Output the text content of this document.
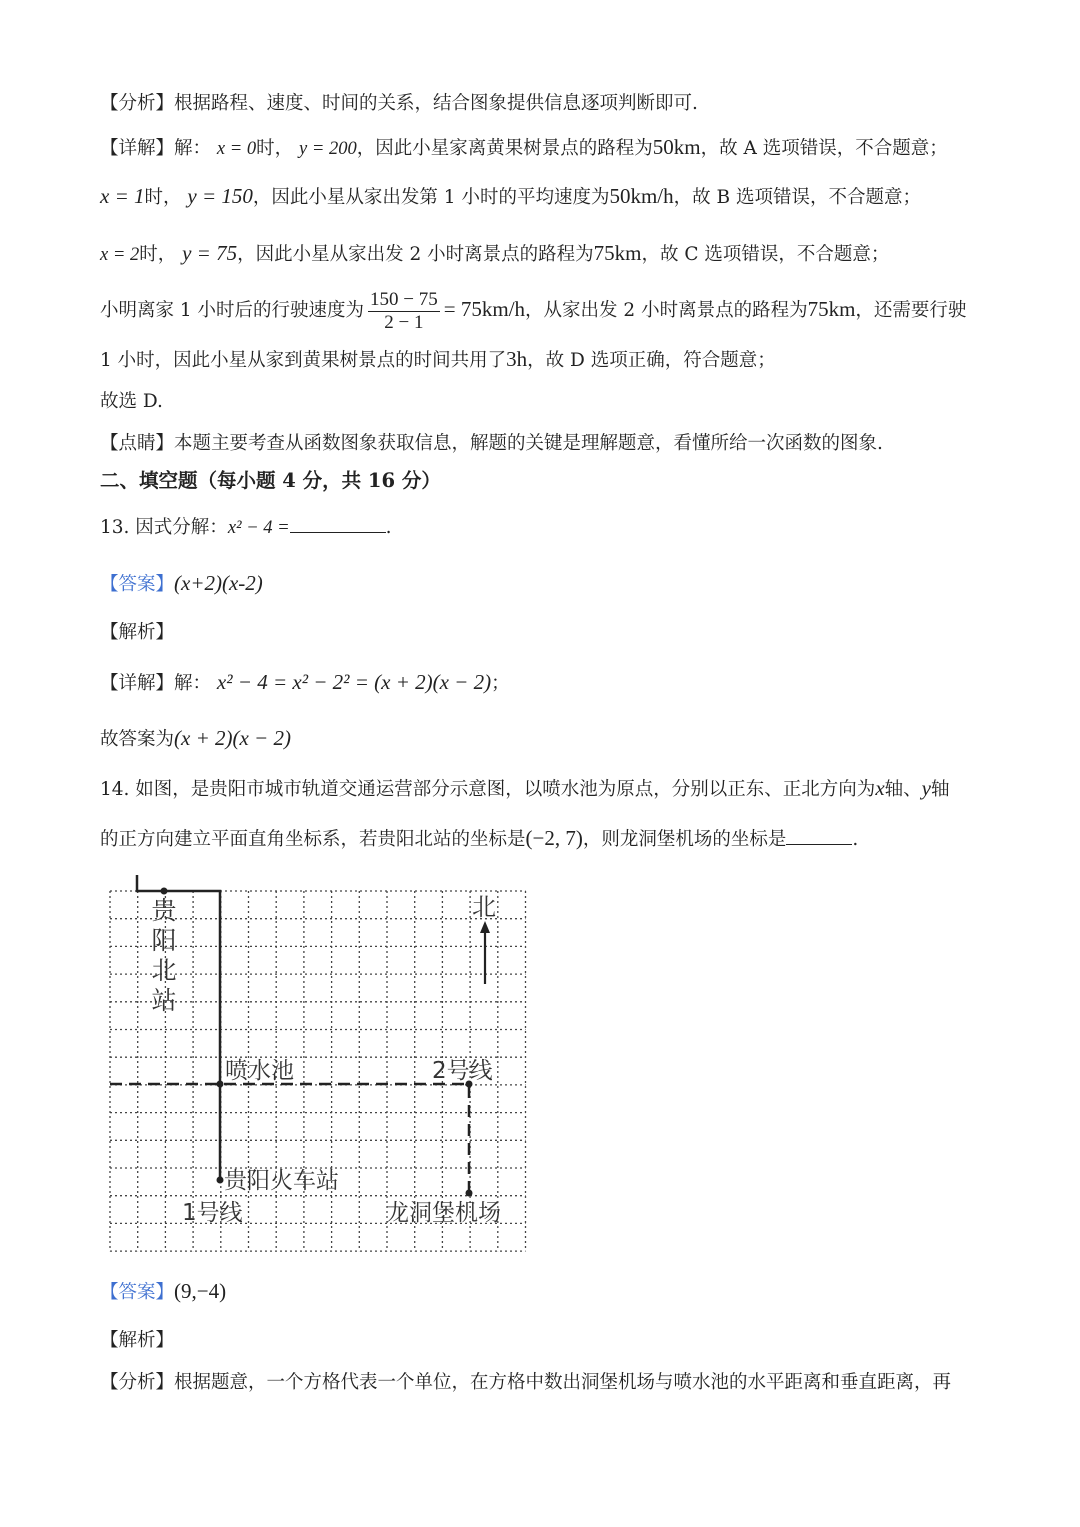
【分析】根据路程、速度、时间的关系，结合图象提供信息逐项判断即可.
【详解】解： x = 0时， y = 200，因此小星家离黄果树景点的路程为50km，故 A 选项错误，不合题意；
x = 1时， y = 150，因此小星从家出发第 1 小时的平均速度为50km/h，故 B 选项错误，不合题意；
x = 2时， y = 75，因此小星从家出发 2 小时离景点的路程为75km，故 C 选项错误，不合题意；
小明离家 1 小时后的行驶速度为 $\frac{150 - 75}{2 - 1} = 75km/h$，从家出发 2 小时离景点的路程为75km，还需要行驶
1 小时，因此小星从家到黄果树景点的时间共用了3h，故 D 选项正确，符合题意；
故选 D.
【点睛】本题主要考查从函数图象获取信息，解题的关键是理解题意，看懂所给一次函数的图象.
二、填空题（每小题 4 分，共 16 分）
13. 因式分解：x² − 4 =	.
【答案】(x+2)(x-2)
【解析】
【详解】解： x² − 4 = x² − 2² = (x + 2)(x − 2)；
故答案为(x + 2)(x − 2)
14. 如图，是贵阳市城市轨道交通运营部分示意图，以喷水池为原点，分别以正东、正北方向为x轴、y轴
的正方向建立平面直角坐标系，若贵阳北站的坐标是(−2, 7)，则龙洞堡机场的坐标是	.
北
贵
阳
北
站
喷水池	2号线
贵阳火车站
1号线	龙洞堡机场
【答案】(9,−4)
【解析】
【分析】根据题意，一个方格代表一个单位，在方格中数出洞堡机场与喷水池的水平距离和垂直距离，再
